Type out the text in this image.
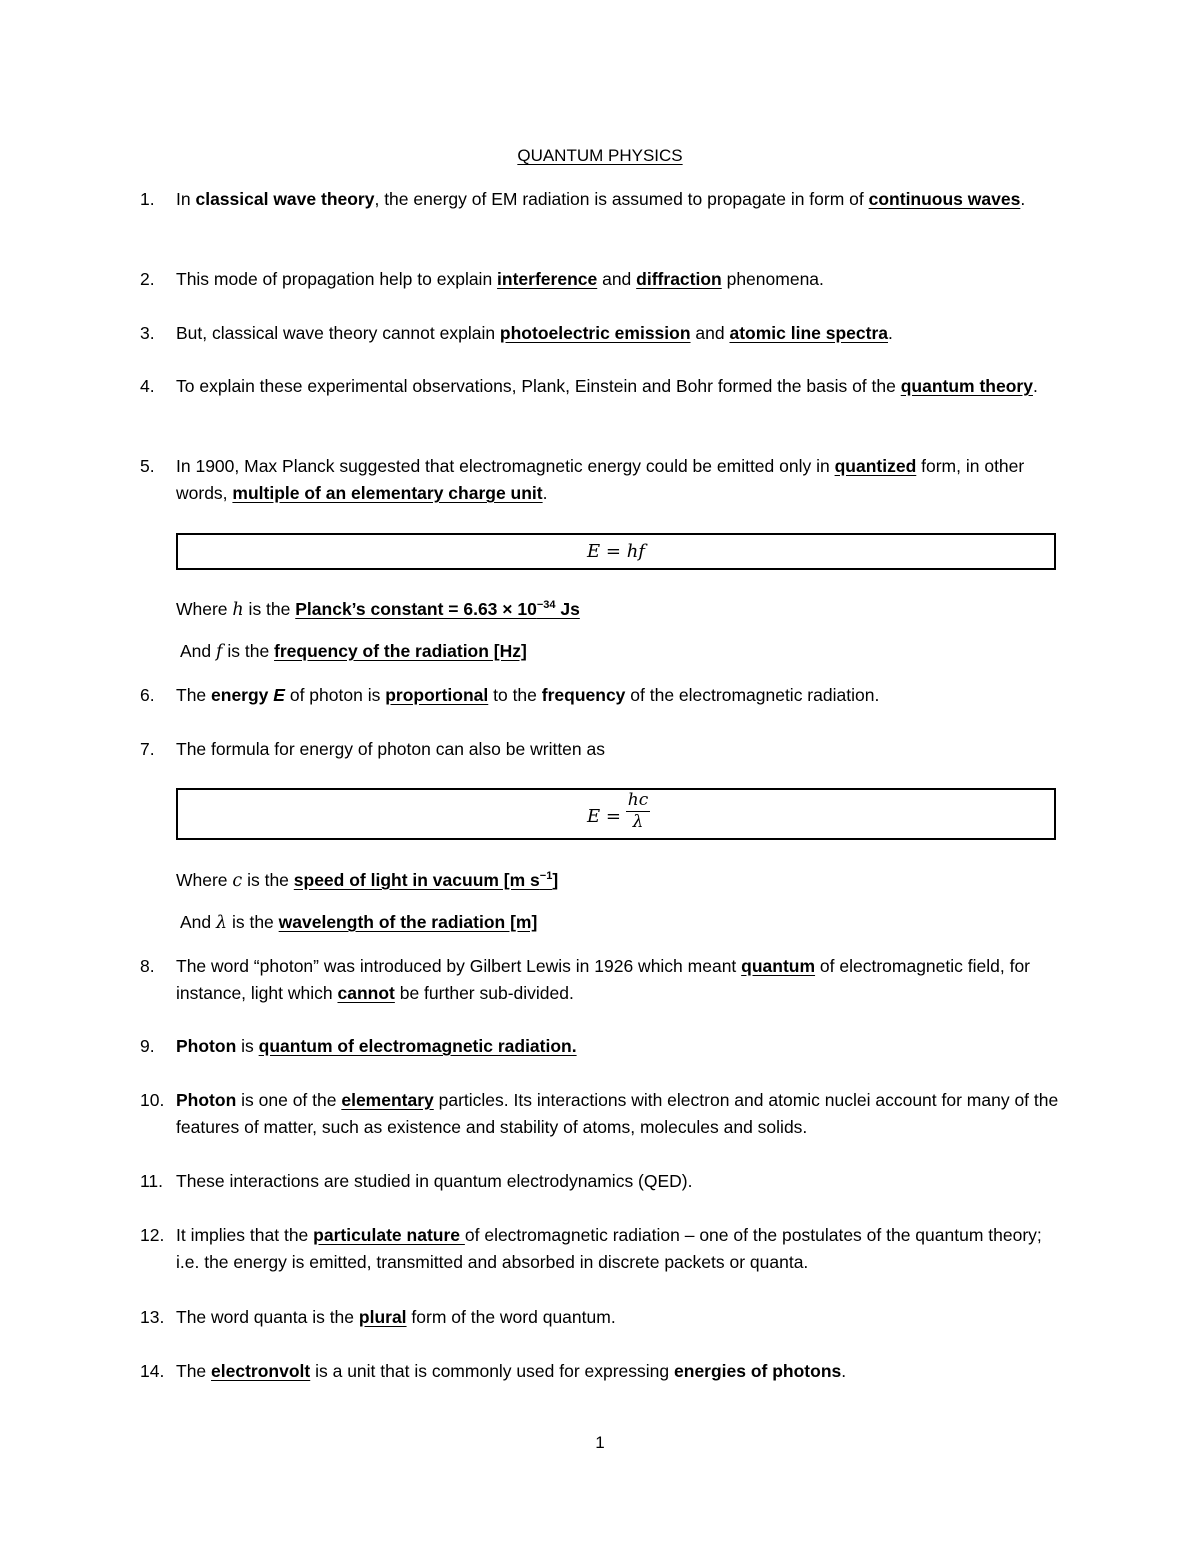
QUANTUM PHYSICS
1.	In classical wave theory, the energy of EM radiation is assumed to propagate in form of continuous waves.
2.	This mode of propagation help to explain interference and diffraction phenomena.
3.	But, classical wave theory cannot explain photoelectric emission and atomic line spectra.
4.	To explain these experimental observations, Plank, Einstein and Bohr formed the basis of the quantum theory.
5.	In 1900, Max Planck suggested that electromagnetic energy could be emitted only in quantized form, in other words, multiple of an elementary charge unit.
E = hf
Where h is the Planck’s constant = $6.63 \times 10^{-34}$ Js
And f is the frequency of the radiation [Hz]
6.	The energy E of photon is proportional to the frequency of the electromagnetic radiation.
7.	The formula for energy of photon can also be written as
E =
hc
λ
Where c is the speed of light in vacuum [m $s^{-1}$]
And λ is the wavelength of the radiation [m]
8.	The word “photon” was introduced by Gilbert Lewis in 1926 which meant quantum of electromagnetic field, for instance, light which cannot be further sub-divided.
9.	Photon is quantum of electromagnetic radiation.
10. Photon is one of the elementary particles. Its interactions with electron and atomic nuclei account for many of the features of matter, such as existence and stability of atoms, molecules and solids.
11. These interactions are studied in quantum electrodynamics (QED).
12. It implies that the particulate nature of electromagnetic radiation – one of the postulates of the quantum theory; i.e. the energy is emitted, transmitted and absorbed in discrete packets or quanta.
13. The word quanta is the plural form of the word quantum.
14. The electronvolt is a unit that is commonly used for expressing energies of photons.
1
